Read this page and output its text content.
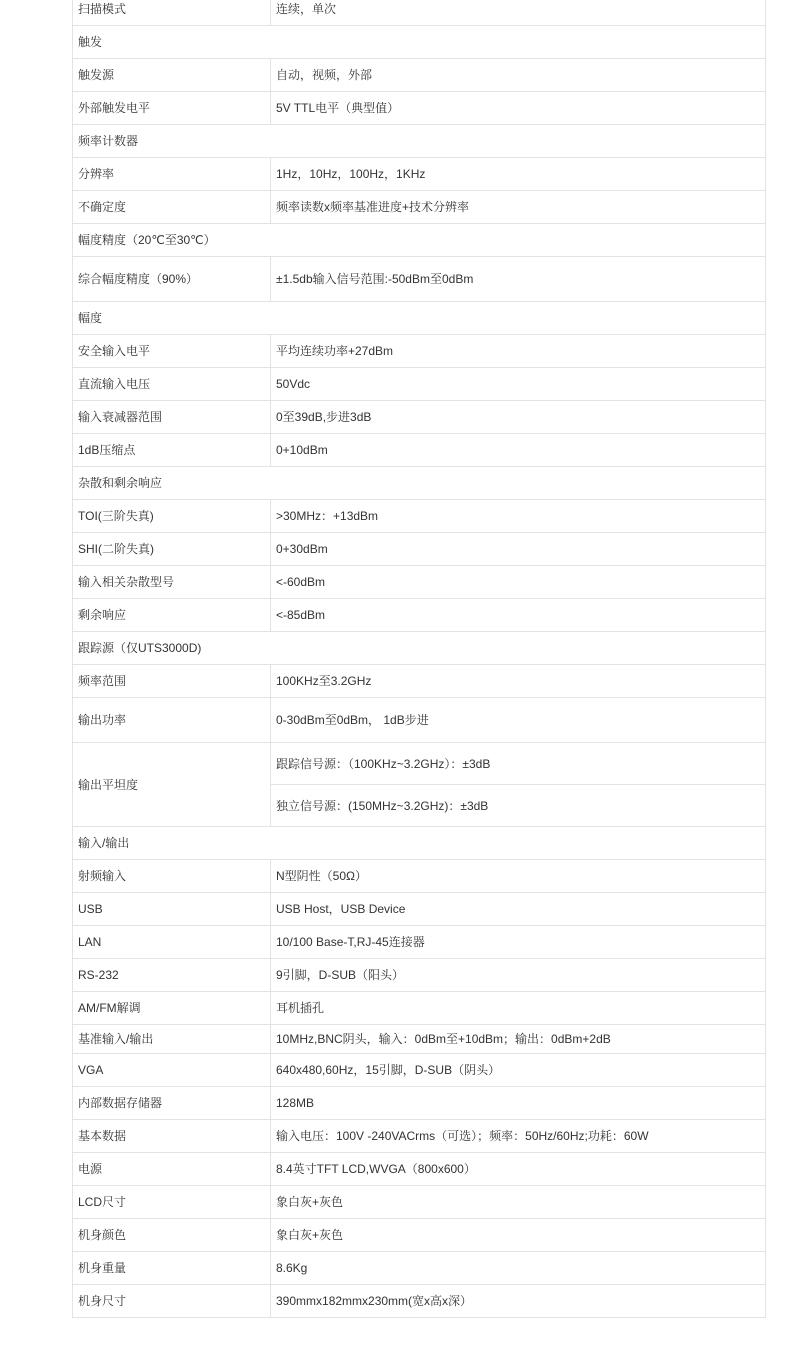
扫描模式	连续，单次
触发	
触发源	自动，视频，外部
外部触发电平	5V TTL电平（典型值）
频率计数器	
分辨率	1Hz，10Hz，100Hz，1KHz
不确定度	频率读数x频率基准进度+技术分辨率
幅度精度（20℃至30℃）	
综合幅度精度（90%）	±1.5db输入信号范围:-50dBm至0dBm
幅度	
安全输入电平	平均连续功率+27dBm
直流输入电压	50Vdc
输入衰减器范围	0至39dB,步进3dB
1dB压缩点	0+10dBm
杂散和剩余响应	
TOI(三阶失真)	>30MHz：+13dBm
SHI(二阶失真)	0+30dBm
输入相关杂散型号	<-60dBm
剩余响应	<-85dBm
跟踪源（仅UTS3000D)	
频率范围	100KHz至3.2GHz
输出功率	0-30dBm至0dBm， 1dB步进
输出平坦度	跟踪信号源：（100KHz~3.2GHz）：±3dB
	独立信号源：(150MHz~3.2GHz)：±3dB
输入/输出	
射频输入	N型阴性（50Ω）
USB	USB Host，USB Device
LAN	10/100 Base-T,RJ-45连接器
RS-232	9引脚，D-SUB（阳头）
AM/FM解调	耳机插孔
基准输入/输出	10MHz,BNC阴头，输入：0dBm至+10dBm；输出：0dBm+2dB
VGA	640x480,60Hz，15引脚，D-SUB（阴头）
内部数据存储器	128MB
基本数据	输入电压：100V -240VACrms（可选）；频率：50Hz/60Hz;功耗：60W
电源	8.4英寸TFT LCD,WVGA（800x600）
LCD尺寸	象白灰+灰色
机身颜色	象白灰+灰色
机身重量	8.6Kg
机身尺寸	390mmx182mmx230mm(宽x高x深）
